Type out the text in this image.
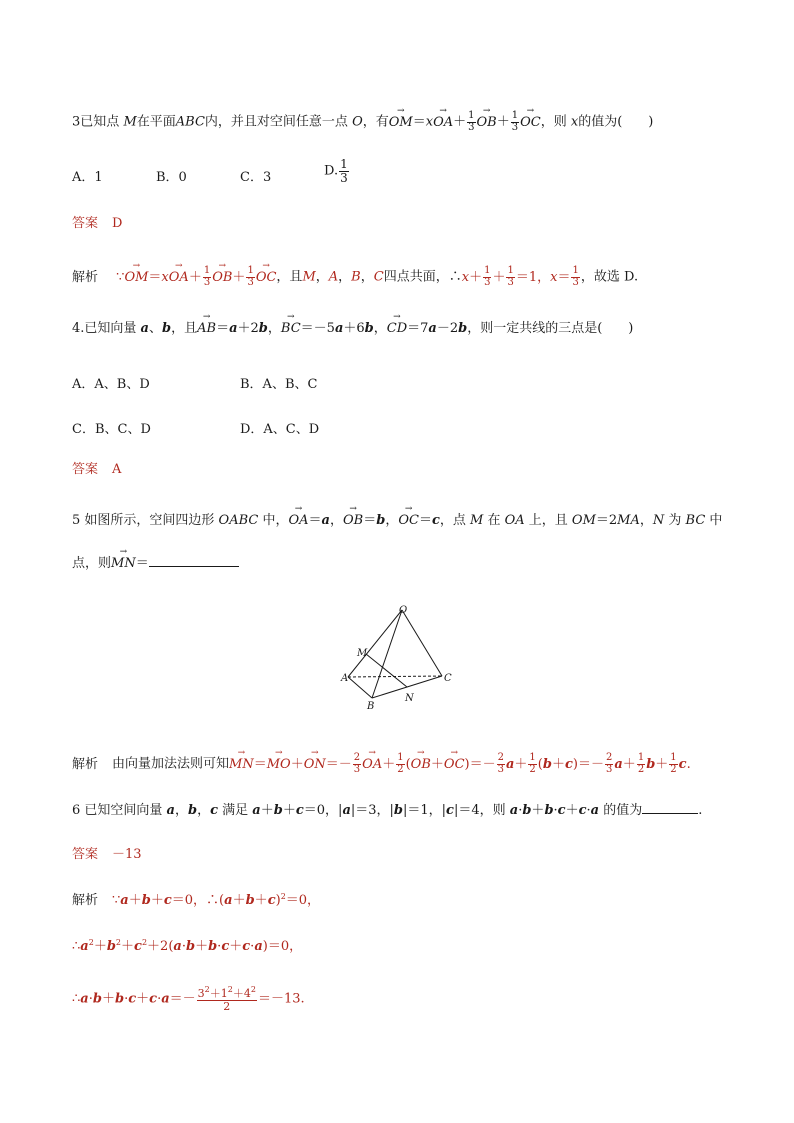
3已知点 M在平面ABC内，并且对空间任意一点 O，有→ $OM=x\to OA+ \frac{1}{3}$
→ $OB+ \frac{1}{3}$
→ OC，则 x的值为(　　)
A．1	B．0	C．3	D. $\frac{1}{3}$
答案 D
解析 ∵→ $OM=x\to OA+ \frac{1}{3}$
→ $OB+ \frac{1}{3}$
→ OC，且M，A，B，C四点共面，∴x＋ $\frac{1}{3} + \frac{1}{3} =1$，$x= \frac{1}{3}$ ，故选 D.
4.已知向量 a、b，且→ AB＝a＋2b，→ BC＝－5a＋6b，→ CD＝7a－2b，则一定共线的三点是(　　)
A．A、B、D	B．A、B、C
C．B、C、D	D．A、C、D
答案 A
5 如图所示，空间四边形 OABC 中，→ OA＝a，→ OB＝b，→ OC＝c，点 M 在 OA 上，且 OM＝2MA，N 为 BC 中
点，则→ MN＝
O
M
A	C
N
B
解析 由向量加法法则可知→ $MN=\to MO+\to ON=- \frac{2}{3}$
→ $OA+ \frac{1}{2}$ (→ $OB+\to OC)=- \frac{2}{3} a+ \frac{1}{2} (b+c)=- \frac{2}{3} a+ \frac{1}{2} b+ \frac{1}{2} c$.
6 已知空间向量 a，b，c 满足 a＋b＋c＝0，|a|＝3，|b|＝1，|c|＝4，则 a·b＋b·c＋c·a 的值为	.
答案 －13
解析 ∵a＋b＋c＝0，$\therefore(a+b+c)^2=0$，
$\therefore a^2+b^2+c^2+2(a\cdot b+b\cdot c+c\cdot a)=0$，
∴a·b＋b·c＋c·a＝－ $\frac{3^2+1^2+4^2}{2} =-13$.
